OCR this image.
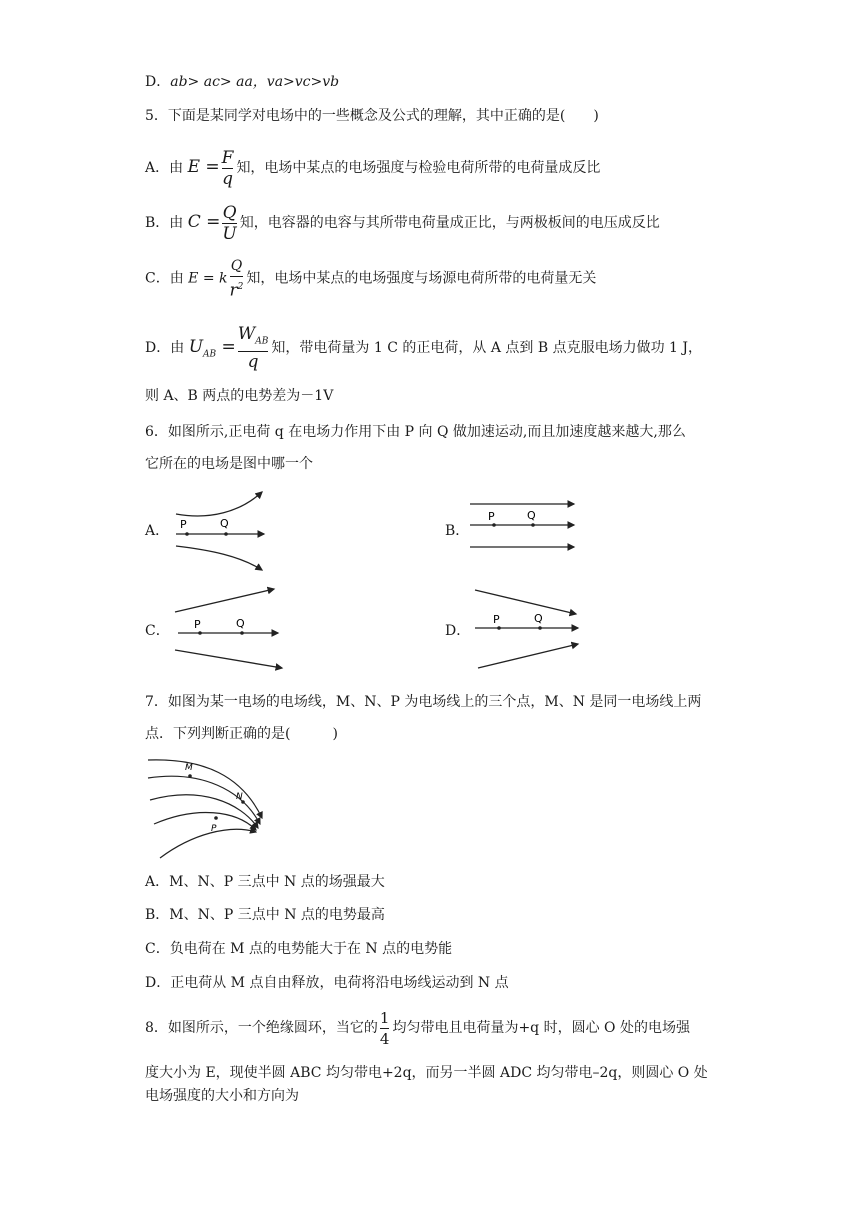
D．ab> ac> aa，va>vc>vb
5．下面是某同学对电场中的一些概念及公式的理解，其中正确的是(　　)
A．由 $E = \frac{F}{q}$ 知，电场中某点的电场强度与检验电荷所带的电荷量成反比
B．由 $C = \frac{Q}{U}$ 知，电容器的电容与其所带电荷量成正比，与两极板间的电压成反比
C．由 E = k $\frac{Q}{r^2}$ 知，电场中某点的电场强度与场源电荷所带的电荷量无关
D．由 $U_{AB} = \frac{W_{AB}}{q}$ 知，带电荷量为 1 C 的正电荷，从 A 点到 B 点克服电场力做功 1 J，
则 A、B 两点的电势差为－1V
6．如图所示,正电荷 q 在电场力作用下由 P 向 Q 做加速运动,而且加速度越来越大,那么
它所在的电场是图中哪一个
A． P	Q	B．
P	Q
C． P	Q	D．
P	Q
7．如图为某一电场的电场线，M、N、P 为电场线上的三个点，M、N 是同一电场线上两
点．下列判断正确的是(　　　)
M
N
P
A．M、N、P 三点中 N 点的场强最大
B．M、N、P 三点中 N 点的电势最高
C．负电荷在 M 点的电势能大于在 N 点的电势能
D．正电荷从 M 点自由释放，电荷将沿电场线运动到 N 点
8．如图所示，一个绝缘圆环，当它的 $\frac{1}{4}$ 均匀带电且电荷量为+q 时，圆心 O 处的电场强
度大小为 E，现使半圆 ABC 均匀带电+2q，而另一半圆 ADC 均匀带电–2q，则圆心 O 处
电场强度的大小和方向为
